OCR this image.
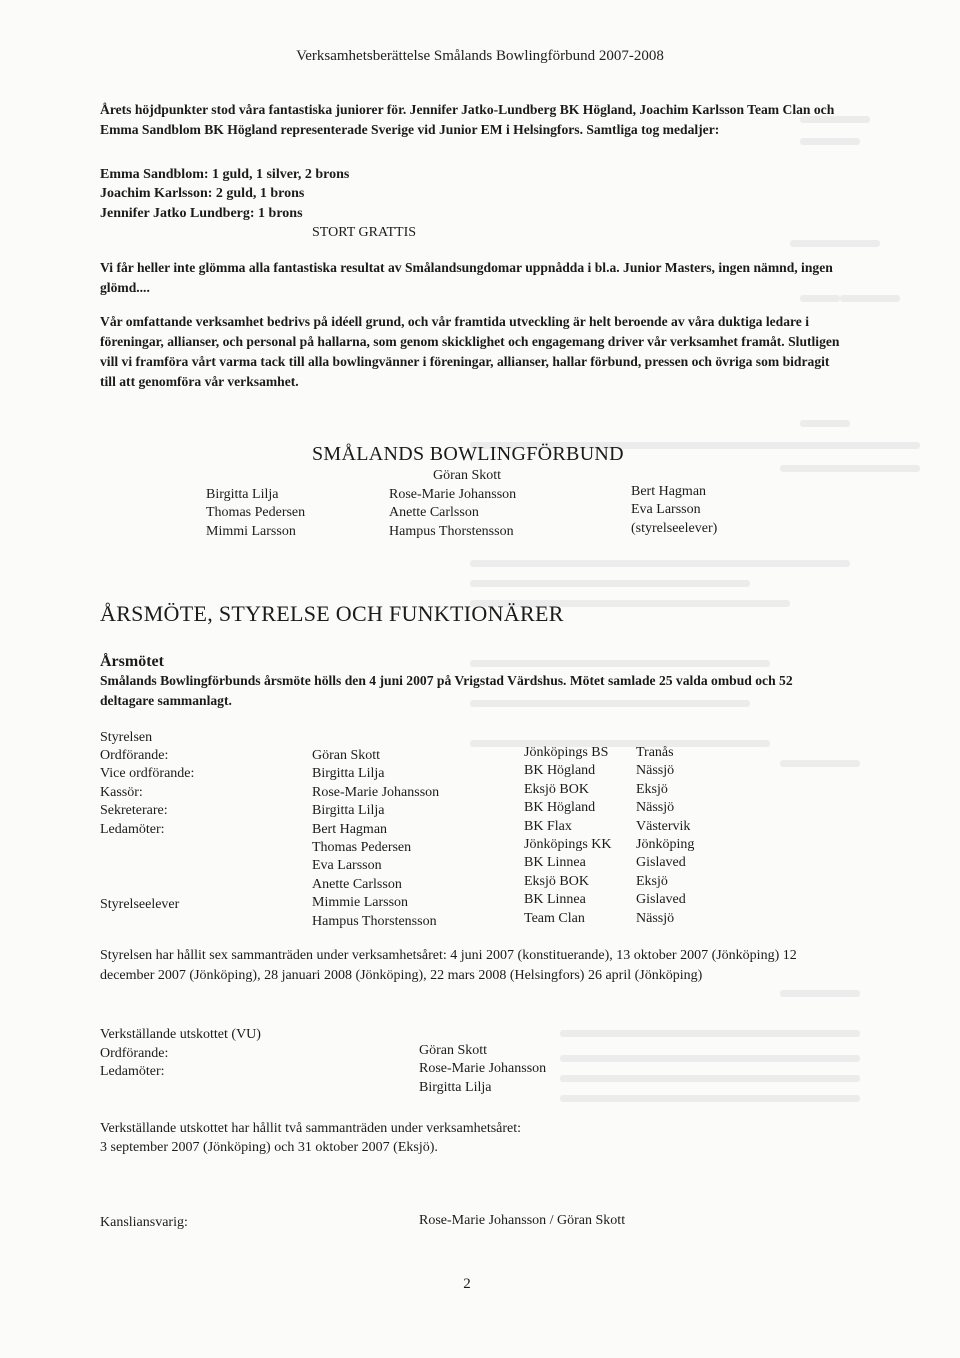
Verksamhetsberättelse Smålands Bowlingförbund 2007-2008
Årets höjdpunkter stod våra fantastiska juniorer för. Jennifer Jatko-Lundberg BK Högland, Joachim Karlsson Team Clan och Emma Sandblom BK Högland representerade Sverige vid Junior EM i Helsingfors. Samtliga tog medaljer:
Emma Sandblom: 1 guld, 1 silver, 2 brons
Joachim Karlsson: 2 guld, 1 brons
Jennifer Jatko Lundberg: 1 brons
STORT GRATTIS
Vi får heller inte glömma alla fantastiska resultat av Smålandsungdomar uppnådda i bl.a. Junior Masters, ingen nämnd, ingen glömd....
Vår omfattande verksamhet bedrivs på idéell grund, och vår framtida utveckling är helt beroende av våra duktiga ledare i föreningar, allianser, och personal på hallarna, som genom skicklighet och engagemang driver vår verksamhet framåt. Slutligen vill vi framföra vårt varma tack till alla bowlingvänner i föreningar, allianser, hallar förbund, pressen och övriga som bidragit till att genomföra vår verksamhet.
SMÅLANDS BOWLINGFÖRBUND
Göran Skott
Birgitta Lilja
Thomas Pedersen
Mimmi Larsson
Rose-Marie Johansson
Anette Carlsson
Hampus Thorstensson
Bert Hagman
Eva Larsson
(styrelseelever)
ÅRSMÖTE, STYRELSE OCH FUNKTIONÄRER
Årsmötet
Smålands Bowlingförbunds årsmöte hölls den 4 juni 2007 på Vrigstad Värdshus. Mötet samlade 25 valda ombud och 52 deltagare sammanlagt.
Styrelsen
Ordförande:
Vice ordförande:
Kassör:
Sekreterare:
Ledamöter:
Styrelseelever
Göran Skott
Birgitta Lilja
Rose-Marie Johansson
Birgitta Lilja
Bert Hagman
Thomas Pedersen
Eva Larsson
Anette Carlsson
Mimmie Larsson
Hampus Thorstensson
Jönköpings BS
BK Högland
Eksjö BOK
BK Högland
BK Flax
Jönköpings KK
BK Linnea
Eksjö BOK
BK Linnea
Team Clan
Tranås
Nässjö
Eksjö
Nässjö
Västervik
Jönköping
Gislaved
Eksjö
Gislaved
Nässjö
Styrelsen har hållit sex sammanträden under verksamhetsåret: 4 juni 2007 (konstituerande), 13 oktober 2007 (Jönköping) 12 december 2007 (Jönköping), 28 januari 2008 (Jönköping), 22 mars 2008 (Helsingfors) 26 april (Jönköping)
Verkställande utskottet (VU)
Ordförande:
Ledamöter:
Göran Skott
Rose-Marie Johansson
Birgitta Lilja
Verkställande utskottet har hållit två sammanträden under verksamhetsåret:
3 september 2007 (Jönköping) och 31 oktober 2007 (Eksjö).
Kansliansvarig:	Rose-Marie Johansson / Göran Skott
2
